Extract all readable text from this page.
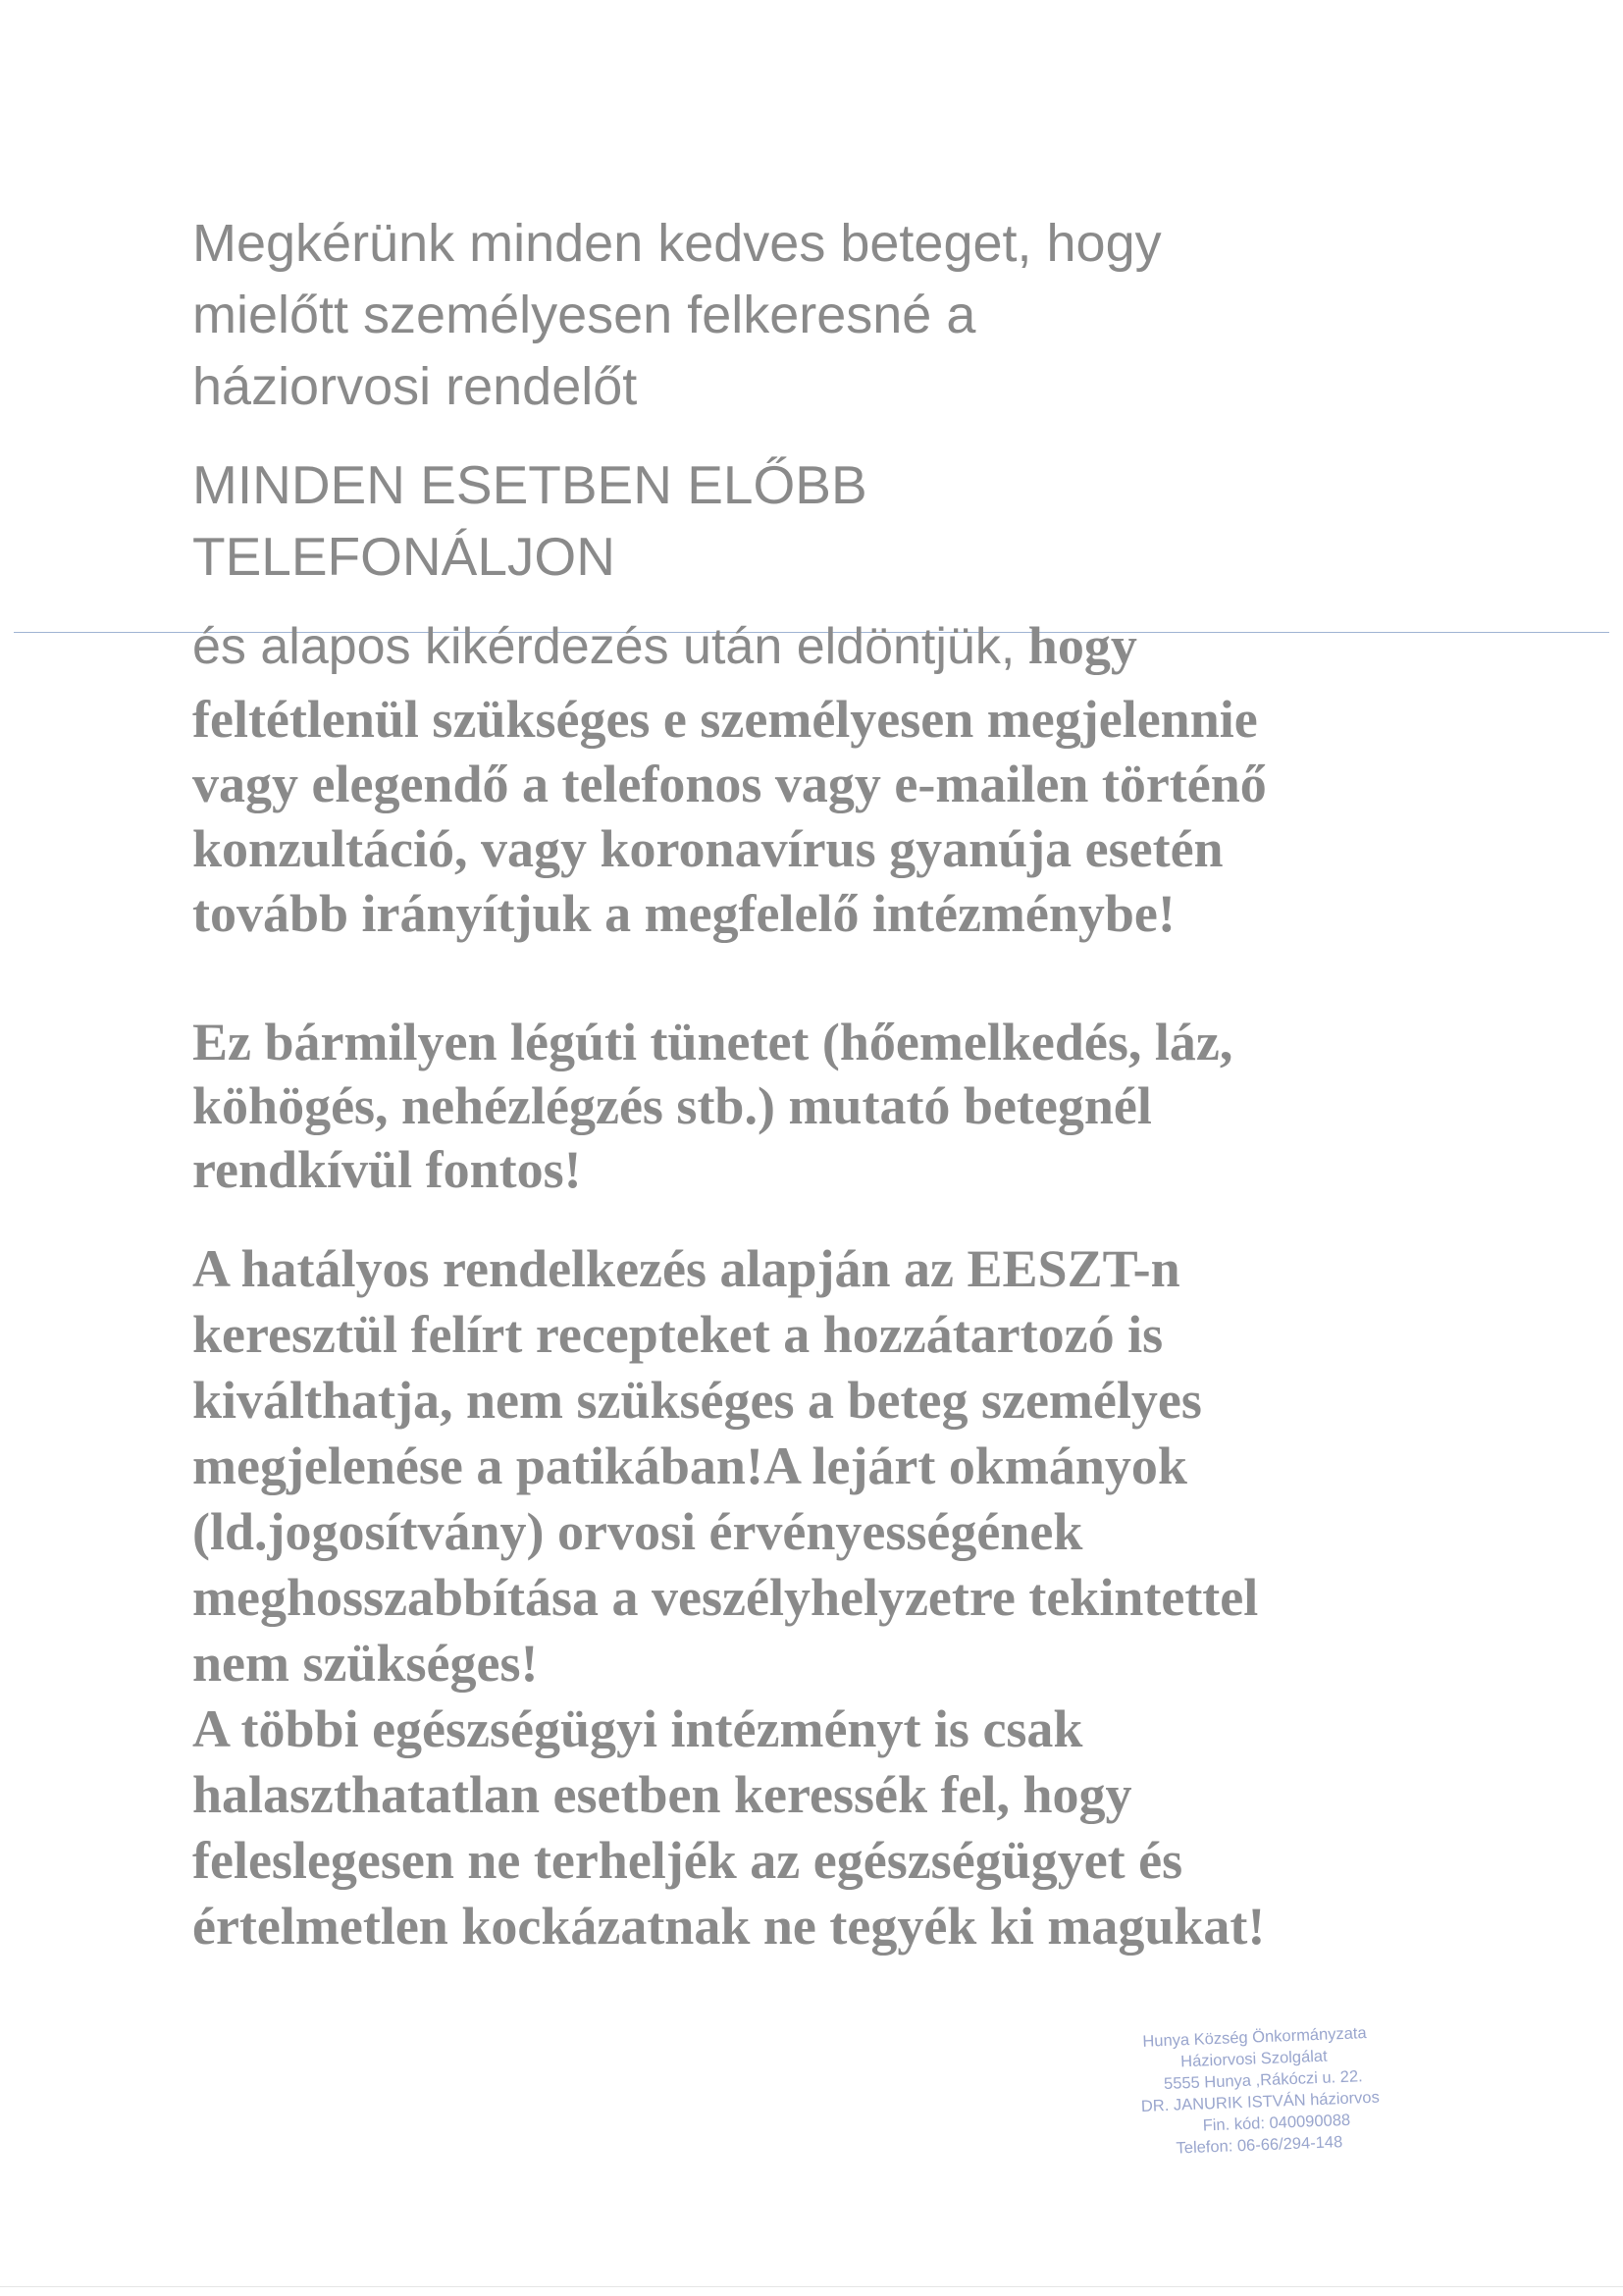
Megkérünk minden kedves beteget, hogy
mielőtt személyesen felkeresné a
háziorvosi rendelőt
MINDEN ESETBEN ELŐBB
TELEFONÁLJON
és alapos kikérdezés után eldöntjük, hogy
feltétlenül szükséges e személyesen megjelennie
vagy elegendő a telefonos vagy e-mailen történő
konzultáció, vagy koronavírus gyanúja esetén
tovább irányítjuk a megfelelő intézménybe!
Ez bármilyen légúti tünetet (hőemelkedés, láz,
köhögés, nehézlégzés stb.) mutató betegnél
rendkívül fontos!
A hatályos rendelkezés alapján az EESZT-n
keresztül felírt recepteket a hozzátartozó is
kiválthatja, nem szükséges a beteg személyes
megjelenése a patikában!A lejárt okmányok
(ld.jogosítvány) orvosi érvényességének
meghosszabbítása a veszélyhelyzetre tekintettel
nem szükséges!
A többi egészségügyi intézményt is csak
halaszthatatlan esetben keressék fel, hogy
feleslegesen ne terheljék az egészségügyet és
értelmetlen kockázatnak ne tegyék ki magukat!
Hunya Község Önkormányzata
Háziorvosi Szolgálat
5555 Hunya ,Rákóczi u. 22.
DR. JANURIK ISTVÁN háziorvos
Fin. kód: 040090088
Telefon: 06-66/294-148
